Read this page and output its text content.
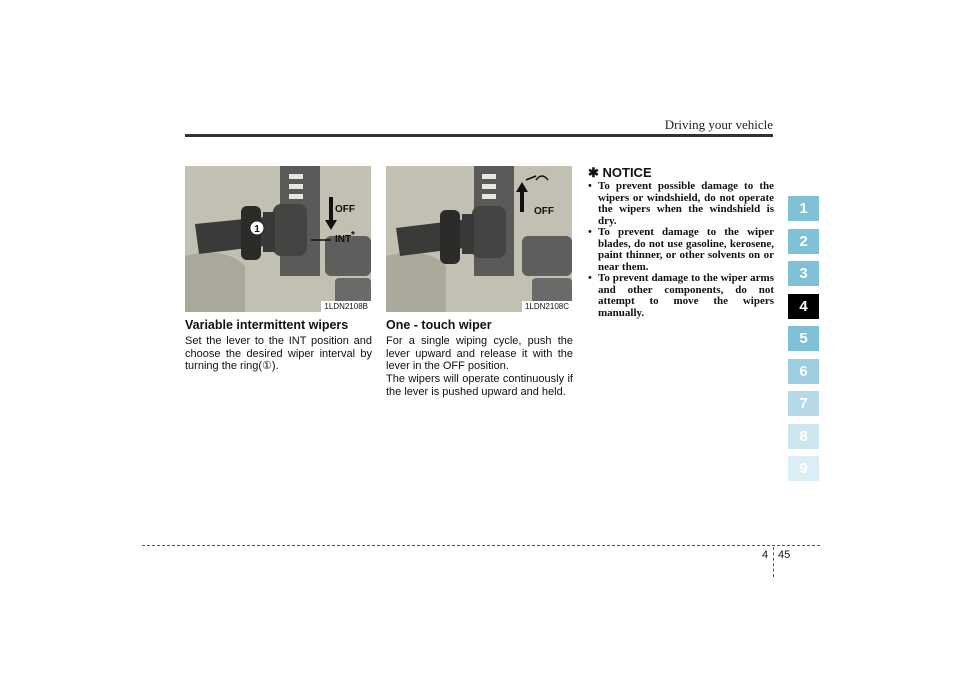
Driving your vehicle
1
OFF
INT *
1LDN2108B
OFF
1LDN2108C
Variable intermittent wipers

Set the lever to the INT position and choose the desired wiper interval by turning the ring(①).

One - touch wiper

For a single wiping cycle, push the lever upward and release it with the lever in the OFF position.

The wipers will operate continuously if the lever is pushed upward and held.

✱ NOTICE
• To prevent possible damage to the wipers or windshield, do not operate the wipers when the windshield is dry.
• To prevent damage to the wiper blades, do not use gasoline, kerosene, paint thinner, or other solvents on or near them.
• To prevent damage to the wiper arms and other components, do not attempt to move the wipers manually.
1
2
3
4
5
6
7
8
9
4 45
